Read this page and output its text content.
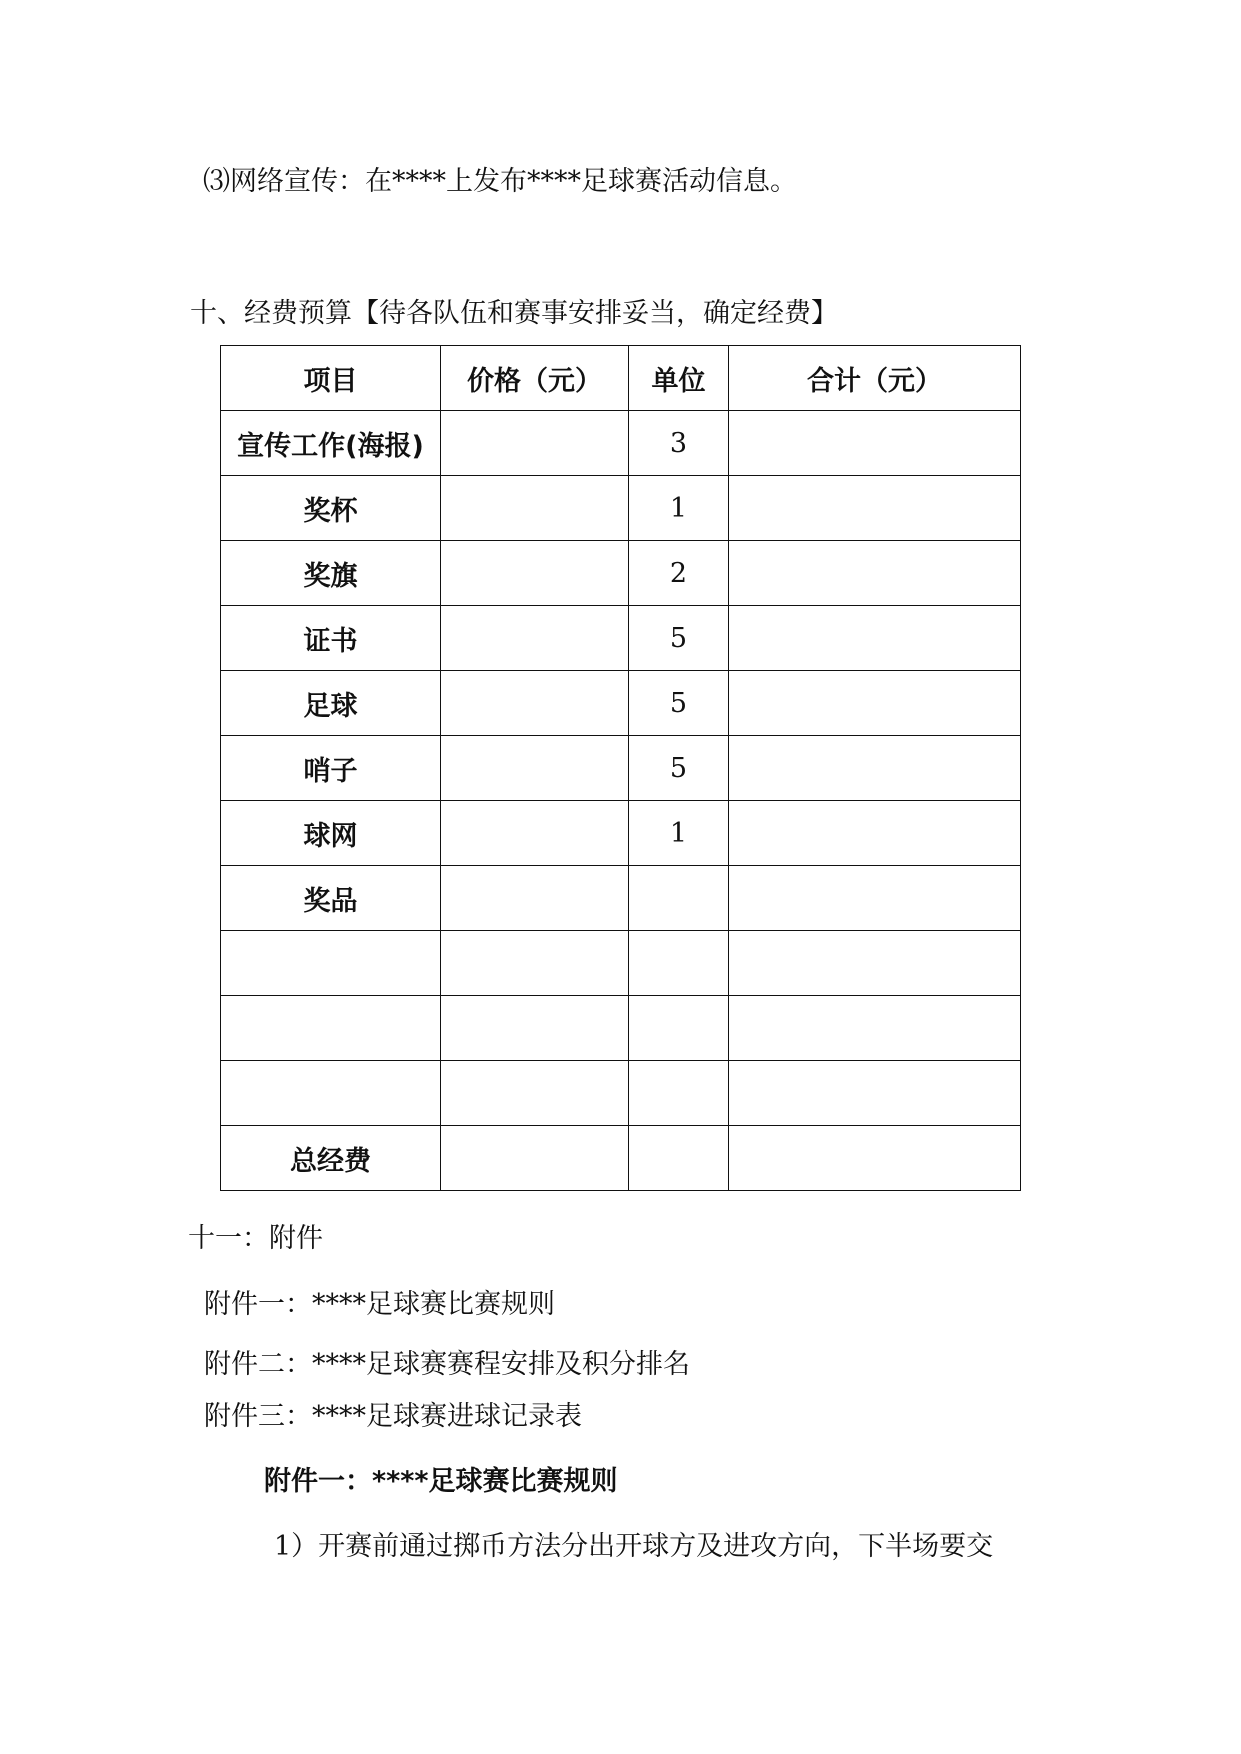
⑶网络宣传：在****上发布****足球赛活动信息。
十、经费预算【待各队伍和赛事安排妥当，确定经费】
项目	价格（元）	单位	合计（元）
宣传工作(海报)		3	
奖杯		1	
奖旗		2	
证书		5	
足球		5	
哨子		5	
球网		1	
奖品			

总经费			
十一：附件
附件一：****足球赛比赛规则
附件二：****足球赛赛程安排及积分排名
附件三：****足球赛进球记录表
附件一：****足球赛比赛规则
1）开赛前通过掷币方法分出开球方及进攻方向，下半场要交
